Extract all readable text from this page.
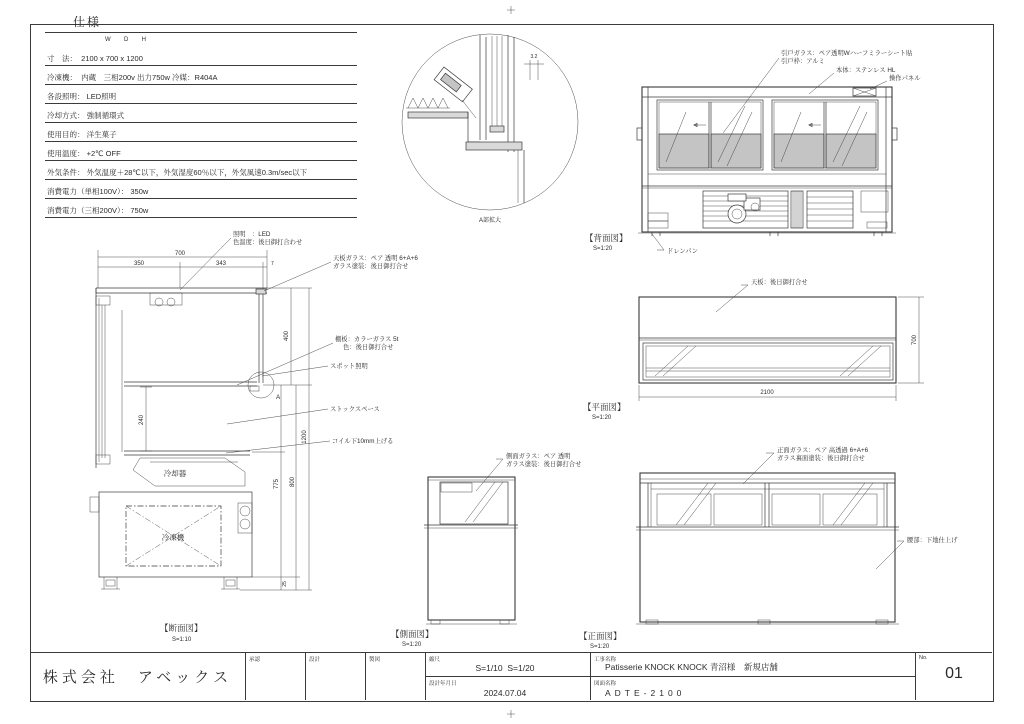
仕様
W        D        H
寸　法： 2100 x 700 x 1200
冷凍機： 内蔵　三相200v 出力750w 冷媒：R404A
各設照明： LED照明
冷却方式： 強制循環式
使用目的： 洋生菓子
使用温度： +2℃ OFF
外気条件： 外気温度＋28℃以下，外気湿度60％以下，外気風速0.3m/sec以下
消費電力（単相100V）： 350w
消費電力（三相200V）： 750w
3.2
A部拡大
引戸ガラス：ペア透明Wハーフミラーシート貼
引戸枠：アルミ
本体：ステンレス HL
操作パネル
ドレンパン
【背面図】
S=1:20
700
350	343	7
A
冷却器
冷凍機
400
775
25
800
1200
240
照明　：LED
色温度：後日御打合わせ
天板ガラス：ペア 透明 6+A+6
ガラス塗装：後日御打合せ
棚板：カラーガラス 5t
色：後日御打合せ
スポット照明
ストックスペース
コイル下10mm上げる
【断面図】
S=1:10
2100
700
天板：後日御打合せ
【平面図】
S=1:20
側面ガラス：ペア 透明
ガラス塗装：後日御打合せ
【側面図】
S=1:20
正面ガラス：ペア 高透過 6+A+6
ガラス裏面塗装：後日御打合せ
腰部：下地仕上げ
【正面図】
S=1:20
株式会社　アベックス
承認	設計	製図	縮尺
S=1/10  S=1/20
設計年月日
2024.07.04
工事名称
Patisserie KNOCK KNOCK 青沼様　新規店舗
図面名称
ADTE-2100
No.
01
